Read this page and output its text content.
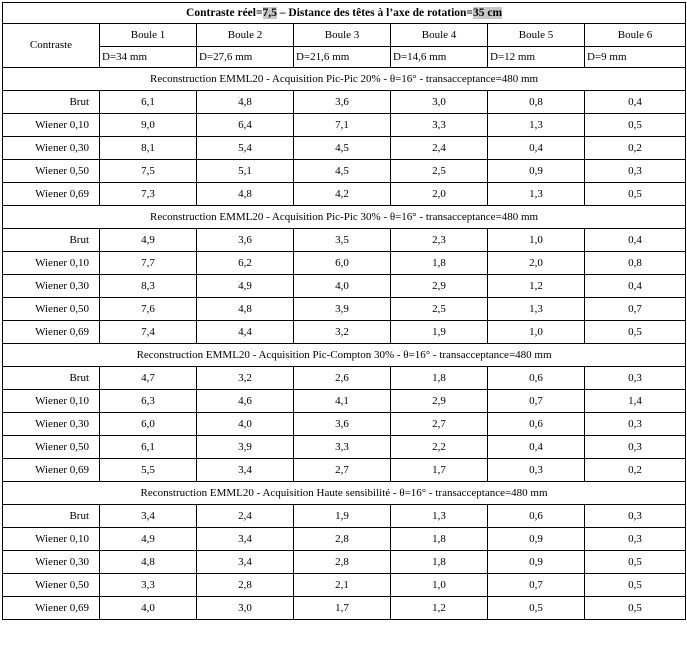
Contraste réel=7,5 – Distance des têtes à l’axe de rotation=35 cm						
Contraste	Boule 1	Boule 2	Boule 3	Boule 4	Boule 5	Boule 6
	D=34 mm	D=27,6 mm	D=21,6 mm	D=14,6 mm	D=12 mm	D=9 mm
Reconstruction EMML20 - Acquisition Pic-Pic 20% - θ=16° - transacceptance=480 mm						
Brut	6,1	4,8	3,6	3,0	0,8	0,4
Wiener 0,10	9,0	6,4	7,1	3,3	1,3	0,5
Wiener 0,30	8,1	5,4	4,5	2,4	0,4	0,2
Wiener 0,50	7,5	5,1	4,5	2,5	0,9	0,3
Wiener 0,69	7,3	4,8	4,2	2,0	1,3	0,5
Reconstruction EMML20 - Acquisition Pic-Pic 30% - θ=16° - transacceptance=480 mm						
Brut	4,9	3,6	3,5	2,3	1,0	0,4
Wiener 0,10	7,7	6,2	6,0	1,8	2,0	0,8
Wiener 0,30	8,3	4,9	4,0	2,9	1,2	0,4
Wiener 0,50	7,6	4,8	3,9	2,5	1,3	0,7
Wiener 0,69	7,4	4,4	3,2	1,9	1,0	0,5
Reconstruction EMML20 - Acquisition Pic-Compton 30% - θ=16° - transacceptance=480 mm						
Brut	4,7	3,2	2,6	1,8	0,6	0,3
Wiener 0,10	6,3	4,6	4,1	2,9	0,7	1,4
Wiener 0,30	6,0	4,0	3,6	2,7	0,6	0,3
Wiener 0,50	6,1	3,9	3,3	2,2	0,4	0,3
Wiener 0,69	5,5	3,4	2,7	1,7	0,3	0,2
Reconstruction EMML20 - Acquisition Haute sensibilité - θ=16° - transacceptance=480 mm						
Brut	3,4	2,4	1,9	1,3	0,6	0,3
Wiener 0,10	4,9	3,4	2,8	1,8	0,9	0,3
Wiener 0,30	4,8	3,4	2,8	1,8	0,9	0,5
Wiener 0,50	3,3	2,8	2,1	1,0	0,7	0,5
Wiener 0,69	4,0	3,0	1,7	1,2	0,5	0,5
